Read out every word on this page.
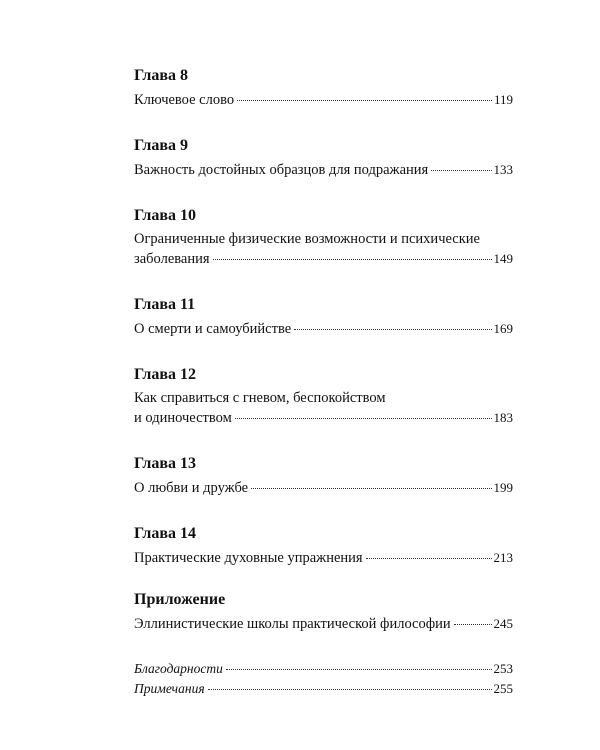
Глава 8
Ключевое слово	119
Глава 9
Важность достойных образцов для подражания	133
Глава 10
Ограниченные физические возможности и психические
заболевания	149
Глава 11
О смерти и самоубийстве	169
Глава 12
Как справиться с гневом, беспокойством
и одиночеством	183
Глава 13
О любви и дружбе	199
Глава 14
Практические духовные упражнения	213
Приложение
Эллинистические школы практической философии	245
Благодарности	253
Примечания	255
